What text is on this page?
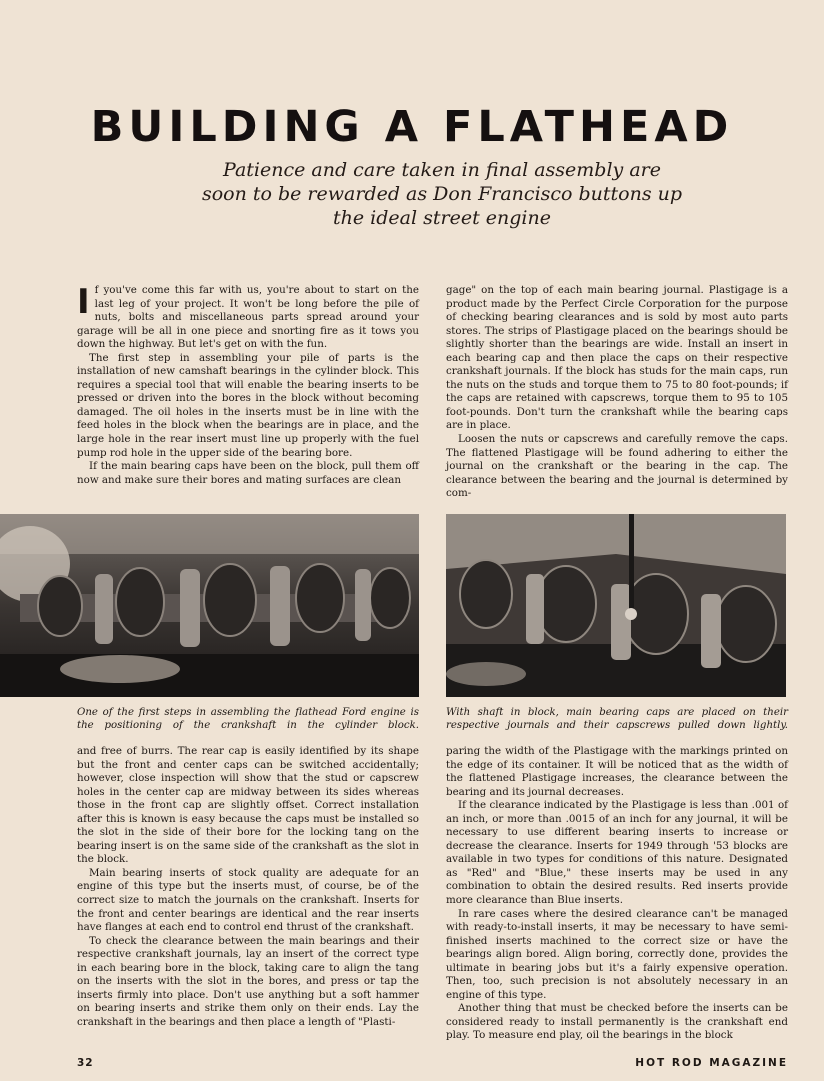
BUILDING A FLATHEAD
Patience and care taken in final assembly are soon to be rewarded as Don Francisco buttons up the ideal street engine
I f you've come this far with us, you're about to start on the last leg of your project. It won't be long before the pile of nuts, bolts and miscellaneous parts spread around your garage will be all in one piece and snorting fire as it tows you down the highway. But let's get on with the fun.

The first step in assembling your pile of parts is the installation of new camshaft bearings in the cylinder block. This requires a special tool that will enable the bearing inserts to be pressed or driven into the bores in the block without becoming damaged. The oil holes in the inserts must be in line with the feed holes in the block when the bearings are in place, and the large hole in the rear insert must line up properly with the fuel pump rod hole in the upper side of the bearing bore.

If the main bearing caps have been on the block, pull them off now and make sure their bores and mating surfaces are clean

gage" on the top of each main bearing journal. Plastigage is a product made by the Perfect Circle Corporation for the purpose of checking bearing clearances and is sold by most auto parts stores. The strips of Plastigage placed on the bearings should be slightly shorter than the bearings are wide. Install an insert in each bearing cap and then place the caps on their respective crankshaft journals. If the block has studs for the main caps, run the nuts on the studs and torque them to 75 to 80 foot-pounds; if the caps are retained with capscrews, torque them to 95 to 105 foot-pounds. Don't turn the crankshaft while the bearing caps are in place.

Loosen the nuts or capscrews and carefully remove the caps. The flattened Plastigage will be found adhering to either the journal on the crankshaft or the bearing in the cap. The clearance between the bearing and the journal is determined by com-

One of the first steps in assembling the flathead Ford engine is the positioning of the crankshaft in the cylinder block.
With shaft in block, main bearing caps are placed on their respective journals and their capscrews pulled down lightly.

and free of burrs. The rear cap is easily identified by its shape but the front and center caps can be switched accidentally; however, close inspection will show that the stud or capscrew holes in the center cap are midway between its sides whereas those in the front cap are slightly offset. Correct installation after this is known is easy because the caps must be installed so the slot in the side of their bore for the locking tang on the bearing insert is on the same side of the crankshaft as the slot in the block.

Main bearing inserts of stock quality are adequate for an engine of this type but the inserts must, of course, be of the correct size to match the journals on the crankshaft. Inserts for the front and center bearings are identical and the rear inserts have flanges at each end to control end thrust of the crankshaft.

To check the clearance between the main bearings and their respective crankshaft journals, lay an insert of the correct type in each bearing bore in the block, taking care to align the tang on the inserts with the slot in the bores, and press or tap the inserts firmly into place. Don't use anything but a soft hammer on bearing inserts and strike them only on their ends. Lay the crankshaft in the bearings and then place a length of "Plasti-

paring the width of the Plastigage with the markings printed on the edge of its container. It will be noticed that as the width of the flattened Plastigage increases, the clearance between the bearing and its journal decreases.

If the clearance indicated by the Plastigage is less than .001 of an inch, or more than .0015 of an inch for any journal, it will be necessary to use different bearing inserts to increase or decrease the clearance. Inserts for 1949 through '53 blocks are available in two types for conditions of this nature. Designated as "Red" and "Blue," these inserts may be used in any combination to obtain the desired results. Red inserts provide more clearance than Blue inserts.

In rare cases where the desired clearance can't be managed with ready-to-install inserts, it may be necessary to have semi-finished inserts machined to the correct size or have the bearings align bored. Align boring, correctly done, provides the ultimate in bearing jobs but it's a fairly expensive operation. Then, too, such precision is not absolutely necessary in an engine of this type.

Another thing that must be checked before the inserts can be considered ready to install permanently is the crankshaft end play. To measure end play, oil the bearings in the block

32	HOT ROD MAGAZINE
